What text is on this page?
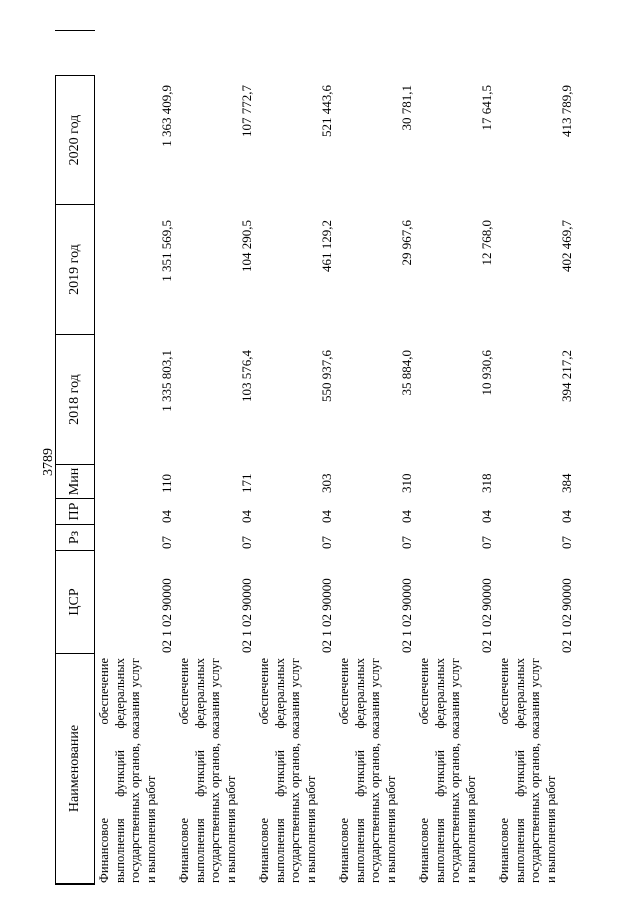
3789
Наименование
ЦСР
Рз
ПР
Мин
2018 год
2019 год
2020 год
Финансовое
обеспечение выполнения функций федеральных государственных органов, оказания услуг и выполнения работ
02 1 02 90000
07
04
110
1 335 803,1
1 351 569,5
1 363 409,9
Финансовое
обеспечение выполнения функций федеральных государственных органов, оказания услуг и выполнения работ
02 1 02 90000
07
04
171
103 576,4
104 290,5
107 772,7
Финансовое
обеспечение выполнения функций федеральных государственных органов, оказания услуг и выполнения работ
02 1 02 90000
07
04
303
550 937,6
461 129,2
521 443,6
Финансовое
обеспечение выполнения функций федеральных государственных органов, оказания услуг и выполнения работ
02 1 02 90000
07
04
310
35 884,0
29 967,6
30 781,1
Финансовое
обеспечение выполнения функций федеральных государственных органов, оказания услуг и выполнения работ
02 1 02 90000
07
04
318
10 930,6
12 768,0
17 641,5
Финансовое
обеспечение выполнения функций федеральных государственных органов, оказания услуг и выполнения работ
02 1 02 90000
07
04
384
394 217,2
402 469,7
413 789,9
